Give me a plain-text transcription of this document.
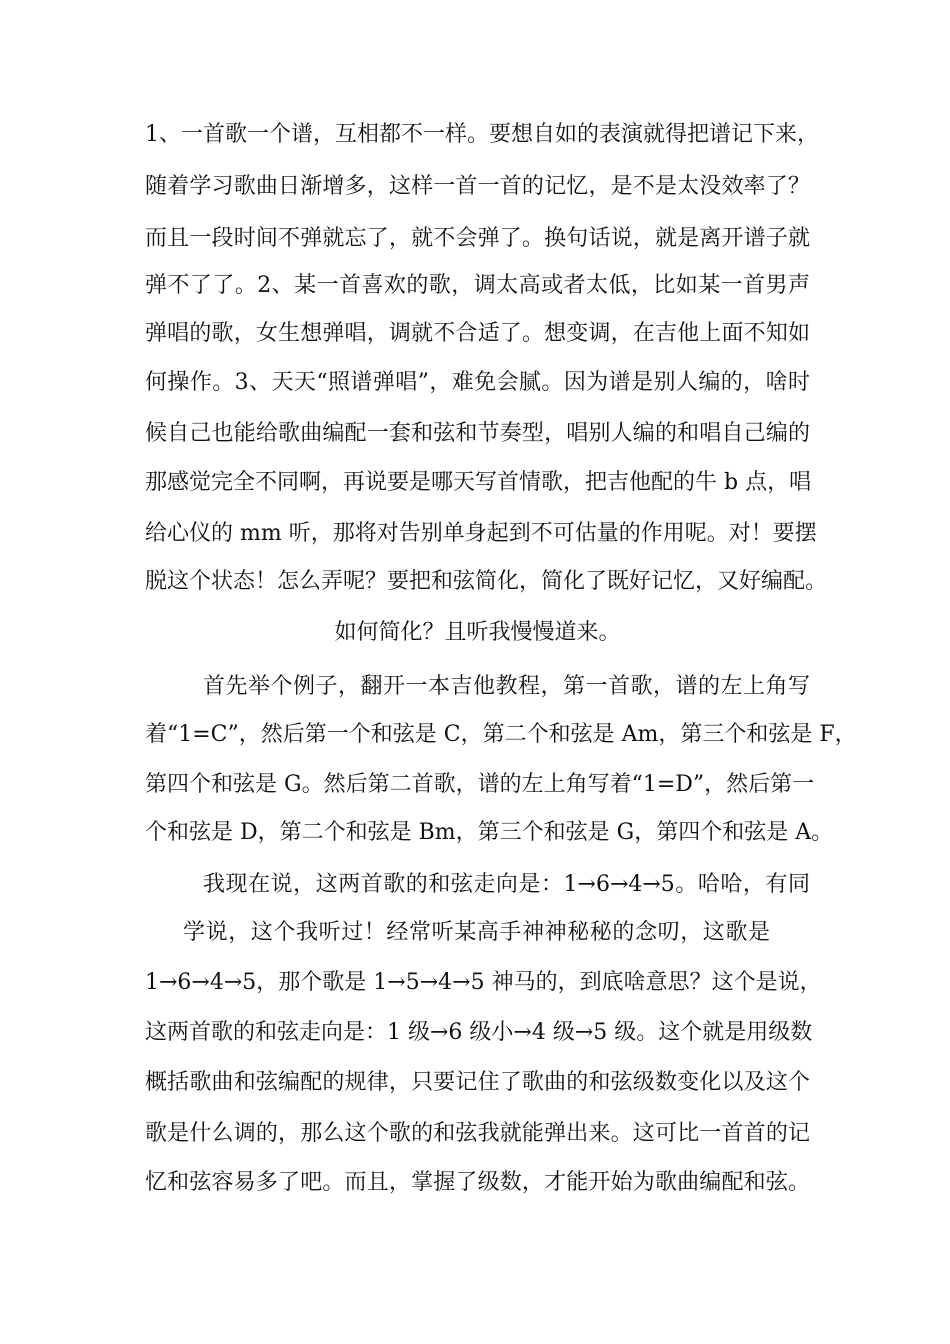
1、一首歌一个谱，互相都不一样。要想自如的表演就得把谱记下来，
随着学习歌曲日渐增多，这样一首一首的记忆，是不是太没效率了？
而且一段时间不弹就忘了，就不会弹了。换句话说，就是离开谱子就
弹不了了。2、某一首喜欢的歌，调太高或者太低，比如某一首男声
弹唱的歌，女生想弹唱，调就不合适了。想变调，在吉他上面不知如
何操作。3、天天“照谱弹唱”，难免会腻。因为谱是别人编的，啥时
候自己也能给歌曲编配一套和弦和节奏型，唱别人编的和唱自己编的
那感觉完全不同啊，再说要是哪天写首情歌，把吉他配的牛 b 点，唱
给心仪的 mm 听，那将对告别单身起到不可估量的作用呢。对！要摆
脱这个状态！怎么弄呢？要把和弦简化，简化了既好记忆，又好编配。
如何简化？且听我慢慢道来。
首先举个例子，翻开一本吉他教程，第一首歌，谱的左上角写
着“1=C”，然后第一个和弦是 C，第二个和弦是 Am，第三个和弦是 F，
第四个和弦是 G。然后第二首歌，谱的左上角写着“1=D”，然后第一
个和弦是 D，第二个和弦是 Bm，第三个和弦是 G，第四个和弦是 A。
我现在说，这两首歌的和弦走向是：1→6→4→5。哈哈，有同
学说，这个我听过！经常听某高手神神秘秘的念叨，这歌是
1→6→4→5，那个歌是 1→5→4→5 神马的，到底啥意思？这个是说，
这两首歌的和弦走向是：1 级→6 级小→4 级→5 级。这个就是用级数
概括歌曲和弦编配的规律，只要记住了歌曲的和弦级数变化以及这个
歌是什么调的，那么这个歌的和弦我就能弹出来。这可比一首首的记
忆和弦容易多了吧。而且，掌握了级数，才能开始为歌曲编配和弦。
